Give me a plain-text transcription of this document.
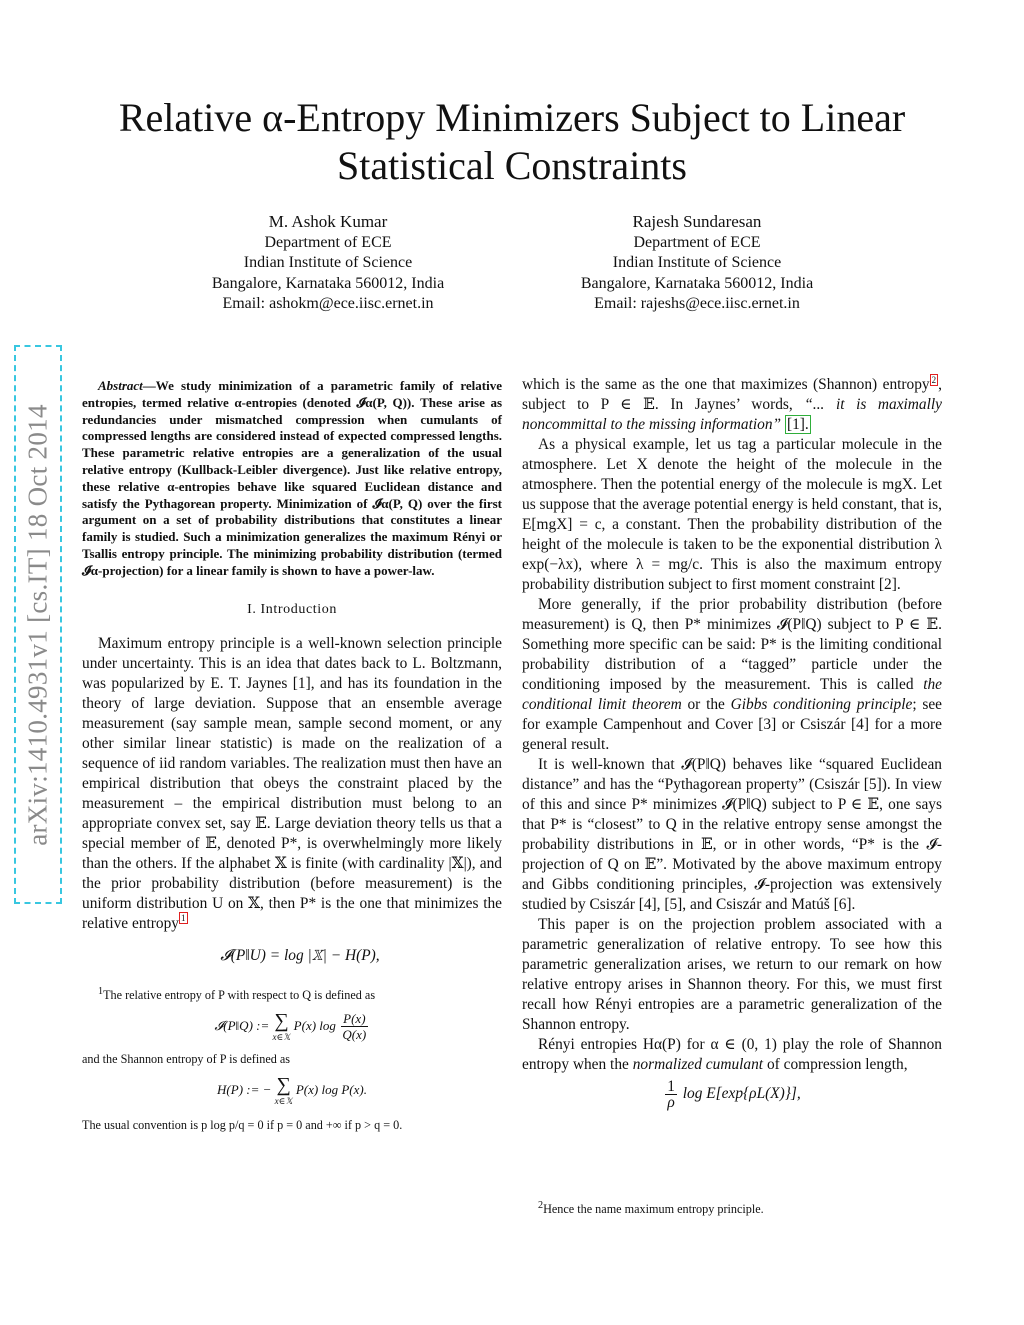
arXiv:1410.4931v1 [cs.IT] 18 Oct 2014
Relative α-Entropy Minimizers Subject to Linear
Statistical Constraints
M. Ashok Kumar
Department of ECE
Indian Institute of Science
Bangalore, Karnataka 560012, India
Email: ashokm@ece.iisc.ernet.in
Rajesh Sundaresan
Department of ECE
Indian Institute of Science
Bangalore, Karnataka 560012, India
Email: rajeshs@ece.iisc.ernet.in

Abstract—We study minimization of a parametric family of relative entropies, termed relative α-entropies (denoted 𝓘α(P, Q)). These arise as redundancies under mismatched compression when cumulants of compressed lengths are considered instead of expected compressed lengths. These parametric relative entropies are a generalization of the usual relative entropy (Kullback-Leibler divergence). Just like relative entropy, these relative α-entropies behave like squared Euclidean distance and satisfy the Pythagorean property. Minimization of 𝓘α(P, Q) over the first argument on a set of probability distributions that constitutes a linear family is studied. Such a minimization generalizes the maximum Rényi or Tsallis entropy principle. The minimizing probability distribution (termed 𝓘α-projection) for a linear family is shown to have a power-law.

I. Introduction

Maximum entropy principle is a well-known selection principle under uncertainty. This is an idea that dates back to L. Boltzmann, was popularized by E. T. Jaynes [1], and has its foundation in the theory of large deviation. Suppose that an ensemble average measurement (say sample mean, sample second moment, or any other similar linear statistic) is made on the realization of a sequence of iid random variables. The realization must then have an empirical distribution that obeys the constraint placed by the measurement – the empirical distribution must belong to an appropriate convex set, say 𝔼. Large deviation theory tells us that a special member of 𝔼, denoted P*, is overwhelmingly more likely than the others. If the alphabet 𝕏 is finite (with cardinality |𝕏|), and the prior probability distribution (before measurement) is the uniform distribution U on 𝕏, then P* is the one that minimizes the relative entropy $^1$

𝓘(P‖U) = log |𝕏| − H(P),

$^1$The relative entropy of P with respect to Q is defined as

𝓘(P‖Q) := ∑
x∈𝕏
P(x) $\log \frac{P(x)}{Q(x)}$

and the Shannon entropy of P is defined as

H(P) := − ∑
x∈𝕏
P(x) log P(x).

The usual convention is p log p/q = 0 if p = 0 and +∞ if p > q = 0.

which is the same as the one that maximizes (Shannon) entropy $^2$ , subject to P ∈ 𝔼. In Jaynes’ words, “... it is maximally noncommittal to the missing information” [1].

As a physical example, let us tag a particular molecule in the atmosphere. Let X denote the height of the molecule in the atmosphere. Then the potential energy of the molecule is mgX. Let us suppose that the average potential energy is held constant, that is, E[mgX] = c, a constant. Then the probability distribution of the height of the molecule is taken to be the exponential distribution λ exp(−λx), where λ = mg/c. This is also the maximum entropy probability distribution subject to first moment constraint [2].

More generally, if the prior probability distribution (before measurement) is Q, then P* minimizes 𝓘(P‖Q) subject to P ∈ 𝔼. Something more specific can be said: P* is the limiting conditional probability distribution of a “tagged” particle under the conditioning imposed by the measurement. This is called the conditional limit theorem or the Gibbs conditioning principle; see for example Campenhout and Cover [3] or Csiszár [4] for a more general result.

It is well-known that 𝓘(P‖Q) behaves like “squared Euclidean distance” and has the “Pythagorean property” (Csiszár [5]). In view of this and since P* minimizes 𝓘(P‖Q) subject to P ∈ 𝔼, one says that P* is “closest” to Q in the relative entropy sense amongst the probability distributions in 𝔼, or in other words, “P* is the 𝓘-projection of Q on 𝔼”. Motivated by the above maximum entropy and Gibbs conditioning principles, 𝓘-projection was extensively studied by Csiszár [4], [5], and Csiszár and Matúš [6].

This paper is on the projection problem associated with a parametric generalization of relative entropy. To see how this parametric generalization arises, we return to our remark on how relative entropy arises in Shannon theory. For this, we must first recall how Rényi entropies are a parametric generalization of the Shannon entropy.

Rényi entropies Hα(P) for α ∈ (0, 1) play the role of Shannon entropy when the normalized cumulant of compression length,

$\frac{1}{\rho}$ log E[exp{ρL(X)}],

$^2$Hence the name maximum entropy principle.
